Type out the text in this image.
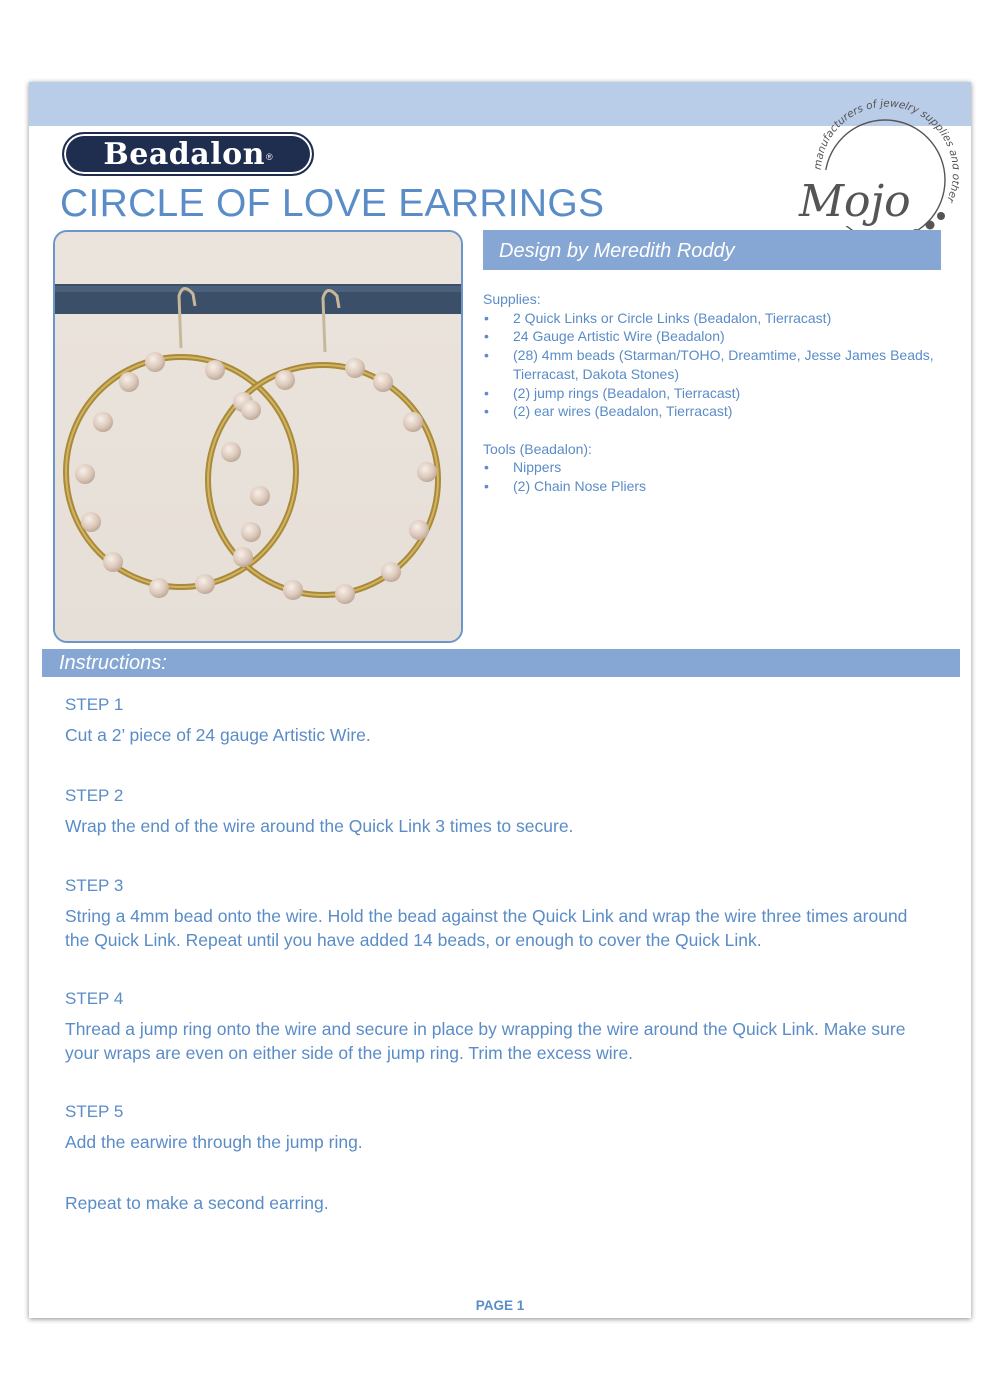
Beadalon ®
CIRCLE OF LOVE EARRINGS
manufacturers of jewelry supplies a er
Mojo
Design by Meredith Roddy
Supplies:
• 2 Quick Links or Circle Links (Beadalon, Tierracast)
• 24 Gauge Artistic Wire (Beadalon)
• (28) 4mm beads (Starman/TOHO, Dreamtime, Jesse James Beads, Tierracast, Dakota Stones)
• (2) jump rings (Beadalon, Tierracast)
• (2) ear wires (Beadalon, Tierracast)
Tools (Beadalon):
• Nippers
• (2) Chain Nose Pliers
Instructions:
STEP 1
Cut a 2’ piece of 24 gauge Artistic Wire.
STEP 2
Wrap the end of the wire around the Quick Link 3 times to secure.
STEP 3
String a 4mm bead onto the wire. Hold the bead against the Quick Link and wrap the wire three times around the Quick Link. Repeat until you have added 14 beads, or enough to cover the Quick Link.
STEP 4
Thread a jump ring onto the wire and secure in place by wrapping the wire around the Quick Link. Make sure your wraps are even on either side of the jump ring. Trim the excess wire.
STEP 5
Add the earwire through the jump ring.
Repeat to make a second earring.
PAGE 1
